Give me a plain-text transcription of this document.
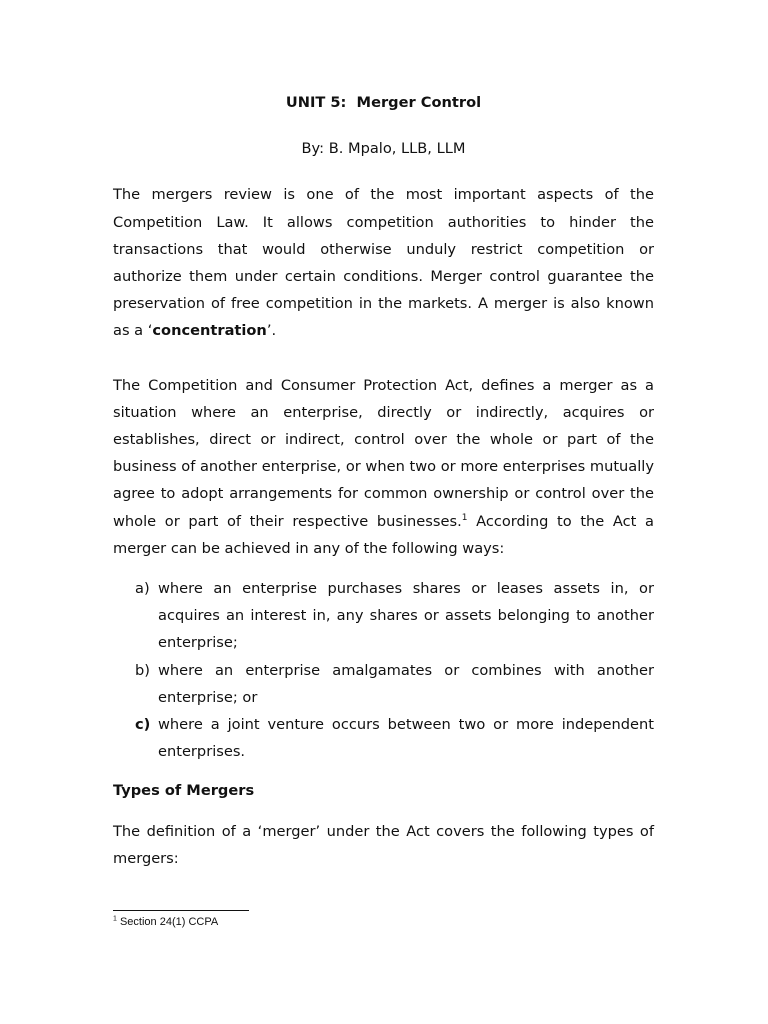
UNIT 5:  Merger Control

By: B. Mpalo, LLB, LLM

The mergers review is one of the most important aspects of the Competition Law. It allows competition authorities to hinder the transactions that would otherwise unduly restrict competition or authorize them under certain conditions. Merger control guarantee the preservation of free competition in the markets. A merger is also known as a ‘concentration’.

The Competition and Consumer Protection Act, defines a merger as a situation where an enterprise, directly or indirectly, acquires or establishes, direct or indirect, control over the whole or part of the business of another enterprise, or when two or more enterprises mutually agree to adopt arrangements for common ownership or control over the whole or part of their respective businesses.$^1$ According to the Act a merger can be achieved in any of the following ways:

a) where an enterprise purchases shares or leases assets in, or acquires an interest in, any shares or assets belonging to another enterprise;
b) where an enterprise amalgamates or combines with another enterprise; or
c) where a joint venture occurs between two or more independent enterprises.

Types of Mergers

The definition of a ‘merger’ under the Act covers the following types of mergers:

$^1$ Section 24(1) CCPA
